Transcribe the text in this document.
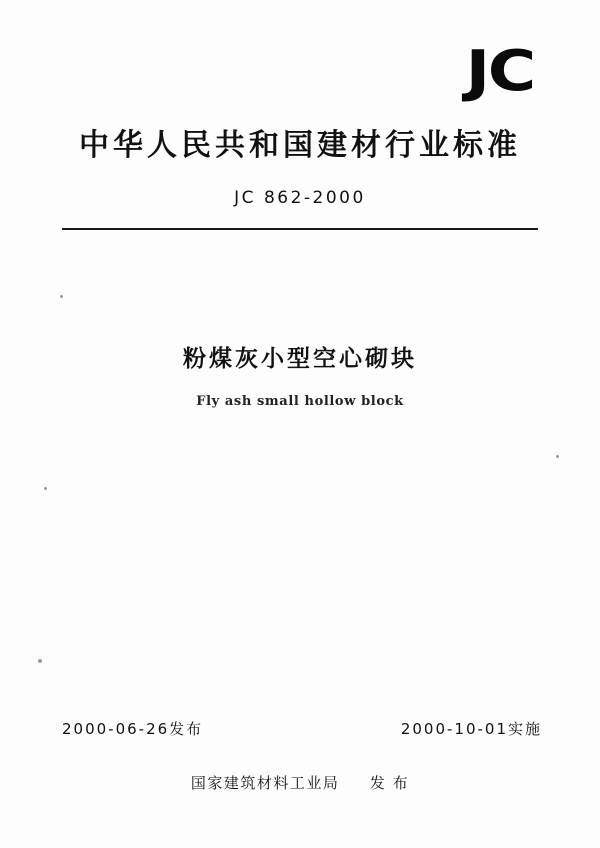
JC
中华人民共和国建材行业标准
JC 862-2000
粉煤灰小型空心砌块
Fly ash small hollow block
2000-06-26发布	2000-10-01实施
国家建筑材料工业局 发 布
